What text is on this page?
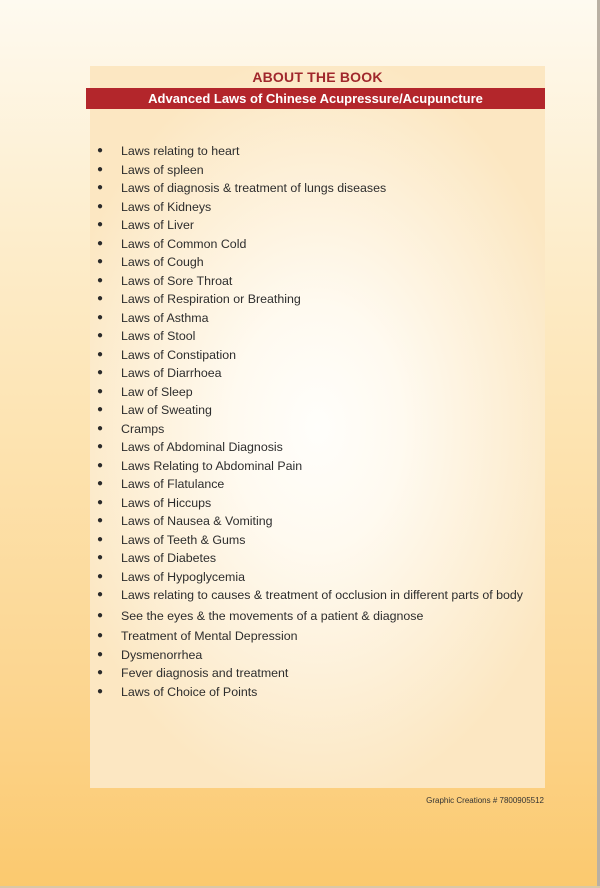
ABOUT THE BOOK
Advanced Laws of Chinese Acupressure/Acupuncture
● Laws relating to heart
● Laws of spleen
● Laws of diagnosis & treatment of lungs diseases
● Laws of Kidneys
● Laws of Liver
● Laws of Common Cold
● Laws of Cough
● Laws of Sore Throat
● Laws of Respiration or Breathing
● Laws of Asthma
● Laws of Stool
● Laws of Constipation
● Laws of Diarrhoea
● Law of Sleep
● Law of Sweating
● Cramps
● Laws of Abdominal Diagnosis
● Laws Relating to Abdominal Pain
● Laws of Flatulance
● Laws of Hiccups
● Laws of Nausea & Vomiting
● Laws of Teeth & Gums
● Laws of Diabetes
● Laws of Hypoglycemia
● Laws relating to causes & treatment of occlusion in different parts of body
● See the eyes & the movements of a patient & diagnose
● Treatment of Mental Depression
● Dysmenorrhea
● Fever diagnosis and treatment
● Laws of Choice of Points
Graphic Creations # 7800905512
